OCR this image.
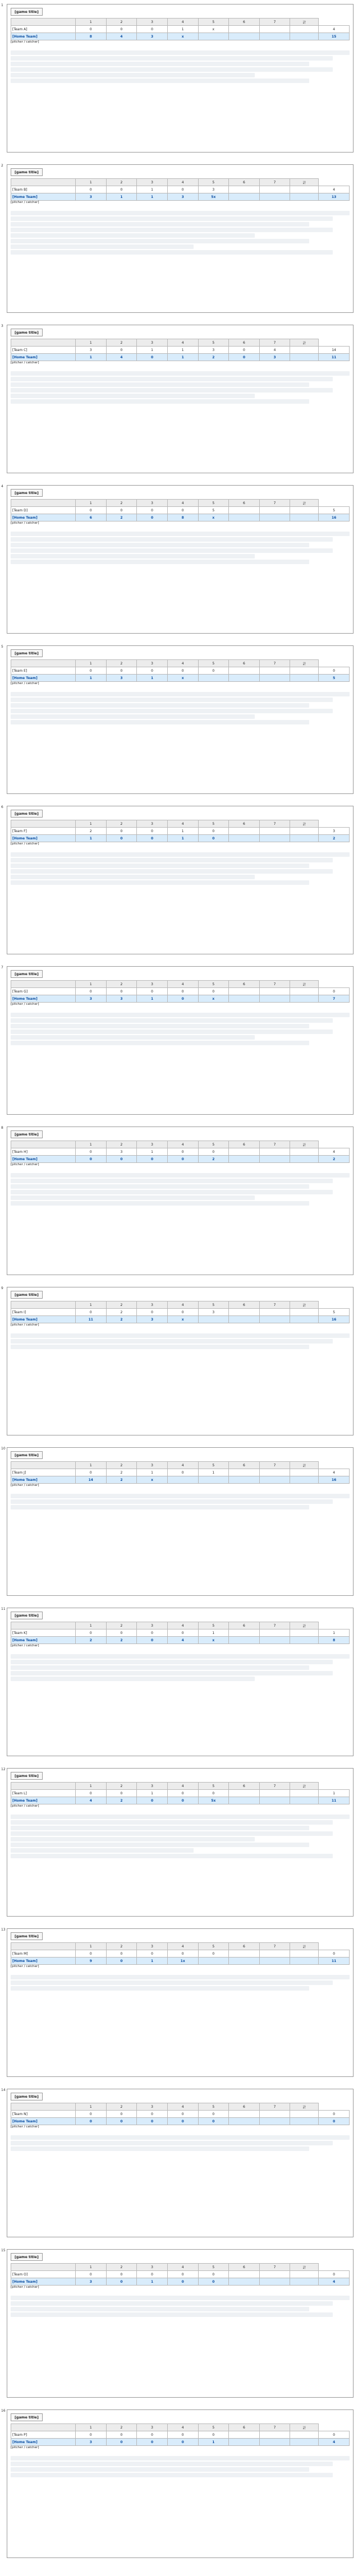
1
[game title]
	1	2	3	4	5	6	7	計	
[Team A]	0	0	0	1	x				4
[Home Team]	8	4	3	x					15
[pitcher / catcher]
2
[game title]
	1	2	3	4	5	6	7	計	
[Team B]	0	0	1	0	3				4
[Home Team]	3	1	1	3	5x				13
[pitcher / catcher]
3
[game title]
	1	2	3	4	5	6	7	計	
[Team C]	3	0	1	1	3	0	4		14
[Home Team]	1	4	0	1	2	0	3		11
[pitcher / catcher]
4
[game title]
	1	2	3	4	5	6	7	計	
[Team D]	0	0	0	0	5				5
[Home Team]	6	2	0	8	x				16
[pitcher / catcher]
5
[game title]
	1	2	3	4	5	6	7	計	
[Team E]	0	0	0	0	0				0
[Home Team]	1	3	1	x					5
[pitcher / catcher]
6
[game title]
	1	2	3	4	5	6	7	計	
[Team F]	2	0	0	1	0				3
[Home Team]	1	0	0	1	0				2
[pitcher / catcher]
7
[game title]
	1	2	3	4	5	6	7	計	
[Team G]	0	0	0	0	0				0
[Home Team]	3	3	1	0	x				7
[pitcher / catcher]
8
[game title]
	1	2	3	4	5	6	7	計	
[Team H]	0	3	1	0	0				4
[Home Team]	0	0	0	0	2				2
[pitcher / catcher]
9
[game title]
	1	2	3	4	5	6	7	計	
[Team I]	0	2	0	0	3				5
[Home Team]	11	2	3	x					16
[pitcher / catcher]
10
[game title]
	1	2	3	4	5	6	7	計	
[Team J]	0	2	1	0	1				4
[Home Team]	14	2	x						16
[pitcher / catcher]
11
[game title]
	1	2	3	4	5	6	7	計	
[Team K]	0	0	0	0	1				1
[Home Team]	2	2	0	4	x				8
[pitcher / catcher]
12
[game title]
	1	2	3	4	5	6	7	計	
[Team L]	0	0	1	0	0				1
[Home Team]	4	2	0	0	5x				11
[pitcher / catcher]
13
[game title]
	1	2	3	4	5	6	7	計	
[Team M]	0	0	0	0	0				0
[Home Team]	9	0	1	1x					11
[pitcher / catcher]
14
[game title]
	1	2	3	4	5	6	7	計	
[Team N]	0	0	0	0	0				0
[Home Team]	0	0	0	0	0				0
[pitcher / catcher]
15
[game title]
	1	2	3	4	5	6	7	計	
[Team O]	0	0	0	0	0				0
[Home Team]	3	0	1	0	0				4
[pitcher / catcher]
16
[game title]
	1	2	3	4	5	6	7	計	
[Team P]	0	0	0	0	0				0
[Home Team]	3	0	0	0	1				4
[pitcher / catcher]
